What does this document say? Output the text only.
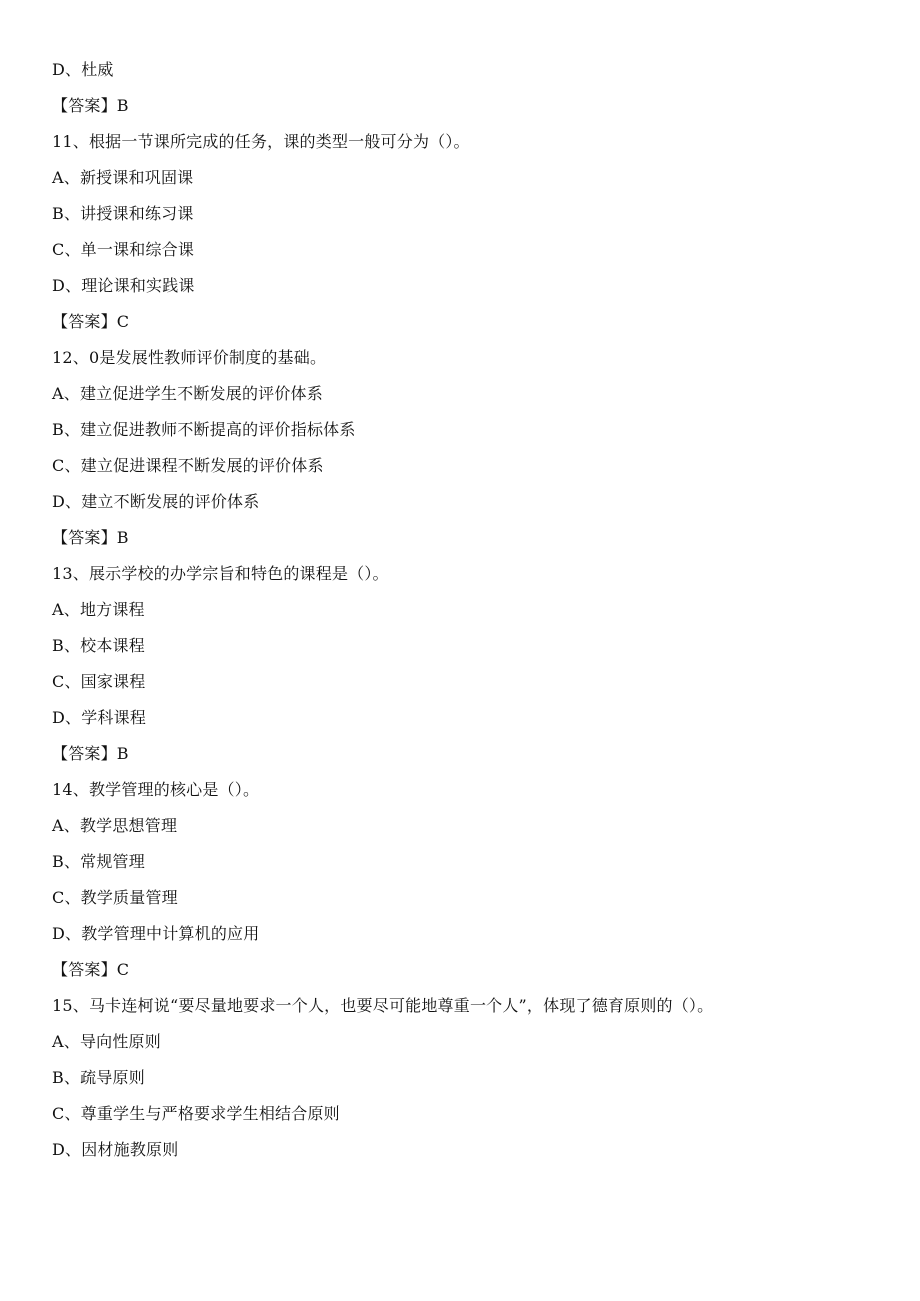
D、杜威
【答案】B
11、根据一节课所完成的任务，课的类型一般可分为（）。
A、新授课和巩固课
B、讲授课和练习课
C、单一课和综合课
D、理论课和实践课
【答案】C
12、0是发展性教师评价制度的基础。
A、建立促进学生不断发展的评价体系
B、建立促进教师不断提高的评价指标体系
C、建立促进课程不断发展的评价体系
D、建立不断发展的评价体系
【答案】B
13、展示学校的办学宗旨和特色的课程是（）。
A、地方课程
B、校本课程
C、国家课程
D、学科课程
【答案】B
14、教学管理的核心是（）。
A、教学思想管理
B、常规管理
C、教学质量管理
D、教学管理中计算机的应用
【答案】C
15、马卡连柯说“要尽量地要求一个人，也要尽可能地尊重一个人”，体现了德育原则的（）。
A、导向性原则
B、疏导原则
C、尊重学生与严格要求学生相结合原则
D、因材施教原则
